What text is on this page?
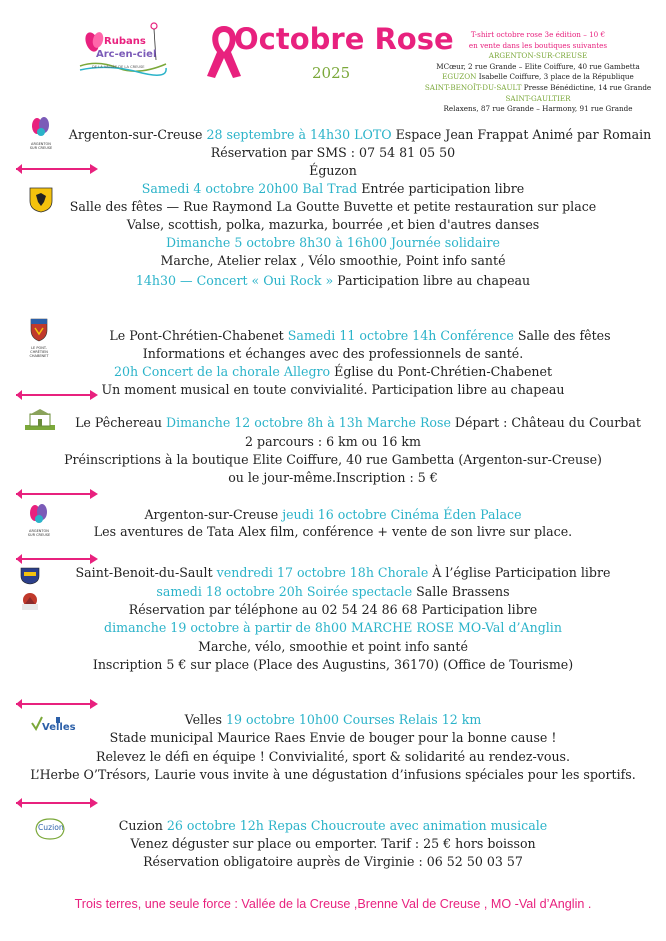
Rubans
Arc-en-ciel
DE LA VALLÉE DE LA CREUSE
Octobre Rose
2025
T-shirt octobre rose 3e édition – 10 €
en vente dans les boutiques suivantes
ARGENTON-SUR-CREUSE
MCœur, 2 rue Grande – Elite Coiffure, 40 rue Gambetta
EGUZON Isabelle Coiffure, 3 place de la République
SAINT-BENOÎT-DU-SAULT Presse Bénédictine, 14 rue Grande
SAINT-GAULTIER
Relaxens, 87 rue Grande – Harmony, 91 rue Grande
ARGENTON
SUR CREUSE
LE PONT-CHRÉTIEN
CHABENET
ARGENTON
SUR CREUSE
Velles
Cuzion
Argenton-sur-Creuse 28 septembre à 14h30 LOTO Espace Jean Frappat Animé par Romain
Réservation par SMS : 07 54 81 05 50
Éguzon
Samedi 4 octobre 20h00 Bal Trad Entrée participation libre
Salle des fêtes — Rue Raymond La Goutte Buvette et petite restauration sur place
Valse, scottish, polka, mazurka, bourrée ,et bien d'autres danses
Dimanche 5 octobre 8h30 à 16h00 Journée solidaire
Marche, Atelier relax , Vélo smoothie, Point info santé
14h30 — Concert « Oui Rock » Participation libre au chapeau
Le Pont-Chrétien-Chabenet Samedi 11 octobre 14h Conférence Salle des fêtes
Informations et échanges avec des professionnels de santé.
20h Concert de la chorale Allegro Église du Pont-Chrétien-Chabenet
Un moment musical en toute convivialité. Participation libre au chapeau
Le Pêchereau Dimanche 12 octobre 8h à 13h Marche Rose Départ : Château du Courbat
2 parcours : 6 km ou 16 km
Préinscriptions à la boutique Elite Coiffure, 40 rue Gambetta (Argenton-sur-Creuse)
ou le jour-même.Inscription : 5 €
Argenton-sur-Creuse jeudi 16 octobre Cinéma Éden Palace
Les aventures de Tata Alex film, conférence + vente de son livre sur place.
Saint-Benoit-du-Sault vendredi 17 octobre 18h Chorale À l’église Participation libre
samedi 18 octobre 20h Soirée spectacle Salle Brassens
Réservation par téléphone au 02 54 24 86 68 Participation libre
dimanche 19 octobre à partir de 8h00 MARCHE ROSE MO-Val d’Anglin
Marche, vélo, smoothie et point info santé
Inscription 5 € sur place (Place des Augustins, 36170) (Office de Tourisme)
Velles 19 octobre 10h00 Courses Relais 12 km
Stade municipal Maurice Raes Envie de bouger pour la bonne cause !
Relevez le défi en équipe ! Convivialité, sport & solidarité au rendez-vous.
L’Herbe O’Trésors, Laurie vous invite à une dégustation d’infusions spéciales pour les sportifs.
Cuzion 26 octobre 12h Repas Choucroute avec animation musicale
Venez déguster sur place ou emporter. Tarif : 25 € hors boisson
Réservation obligatoire auprès de Virginie : 06 52 50 03 57
Trois terres, une seule force : Vallée de la Creuse ,Brenne Val de Creuse , MO -Val d’Anglin .
